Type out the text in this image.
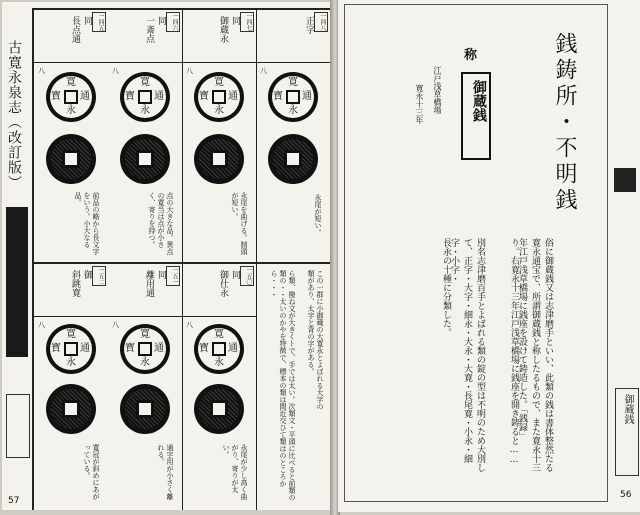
古寛永泉志（改訂版）
57
一四八
正字
八
寛
永
通
寳
永尾が短い。
一四七
同
御蔵永
八
寛
永
通
寳
永尾を曲げる。制頭が短い。
一四六
同
一斎点
八
寛
永
通
寳
点の大きな品。異点の寛当は点が小さく、寄りを持つ。
一四五
同
長点通
八
寛
永
通
寳
前品の略から長文字をいう。小大なる品。
この一群に小御蔵の大寛永とよばれる大字の類があり、太字と背の字がある。
ら類、撥ね文が大きくトで、手では太い。次類文・平頭に比べると前類の類の・・太いのかやを特徴で、標本の類は間近交ひて類はのところから・・・
一五〇
同
御仕永
八
寛
永
通
寳
永尾が少し高く曲がり、寄りが太い。
一五一
同
離用通
八
寛
永
通
寳
通字用が小さく離れる。
一五二
御
斜跳寛
八
寛
永
通
寳
寛冠が斜めにあがっている。
銭鋳所・不明銭
称
御蔵銭
江戸浅草橋場
寛永十三年
俗に御蔵銭又は志津磨手といい、此類の銭は書体整然たる寛永通宝で、所謂御蔵銭と称したるもので、また寛永十三年江戸浅草橋場に銭座を設けて鋳造した。「銭録」
り。右寛永十三年江戸浅草橋場に銭座を開き鋳ると……
別名志津磨百手とよばれる類の錠の型は不明のため大別して、正字・大字・細永・大永・大寛・長尾寛・小永・細字・小字・
長永の十種に分類した。
御蔵銭
56
